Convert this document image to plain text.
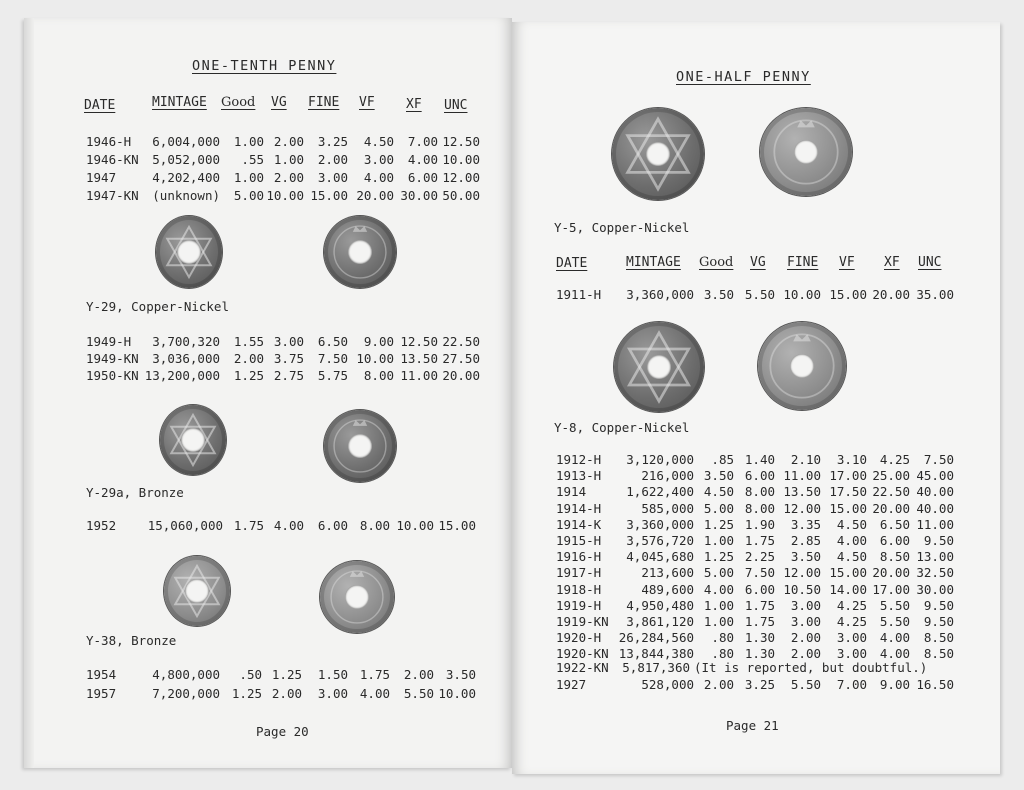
ONE-TENTH PENNY
DATE	MINTAGE Good VG FINE VF XF UNC
1946-H 6,004,000 1.00 2.00 3.25 4.50 7.00 12.50
1946-KN 5,052,000 .55 1.00 2.00 3.00 4.00 10.00
1947	4,202,400 1.00 2.00 3.00 4.00 6.00 12.00
1947-KN (unknown) 5.00 10.00 15.00 20.00 30.00 50.00
Y-29, Copper-Nickel
1949-H 3,700,320 1.55 3.00 6.50 9.00 12.50 22.50
1949-KN 3,036,000 2.00 3.75 7.50 10.00 13.50 27.50
1950-KN 13,200,000 1.25 2.75 5.75 8.00 11.00 20.00
Y-29a, Bronze
1952	15,060,000 1.75 4.00 6.00 8.00 10.00 15.00
Y-38, Bronze
1954	4,800,000 .50 1.25 1.50 1.75 2.00 3.50
1957	7,200,000 1.25 2.00 3.00 4.00 5.50 10.00
Page 20
ONE-HALF PENNY
Y-5, Copper-Nickel
DATE	MINTAGE Good VG FINE VF XF UNC
1911-H 3,360,000 3.50 5.50 10.00 15.00 20.00 35.00
Y-8, Copper-Nickel
1912-H 3,120,000 .85 1.40 2.10 3.10 4.25 7.50
1913-H	216,000 3.50 6.00 11.00 17.00 25.00 45.00
1914	1,622,400 4.50 8.00 13.50 17.50 22.50 40.00
1914-H	585,000 5.00 8.00 12.00 15.00 20.00 40.00
1914-K 3,360,000 1.25 1.90 3.35 4.50 6.50 11.00
1915-H 3,576,720 1.00 1.75 2.85 4.00 6.00 9.50
1916-H 4,045,680 1.25 2.25 3.50 4.50 8.50 13.00
1917-H	213,600 5.00 7.50 12.00 15.00 20.00 32.50
1918-H	489,600 4.00 6.00 10.50 14.00 17.00 30.00
1919-H 4,950,480 1.00 1.75 3.00 4.25 5.50 9.50
1919-KN 3,861,120 1.00 1.75 3.00 4.25 5.50 9.50
1920-H 26,284,560 .80 1.30 2.00 3.00 4.00 8.50
1920-KN 13,844,380 .80 1.30 2.00 3.00 4.00 8.50
1922-KN 5,817,360 (It is reported, but doubtful.)
1927	528,000 2.00 3.25 5.50 7.00 9.00 16.50
Page 21
